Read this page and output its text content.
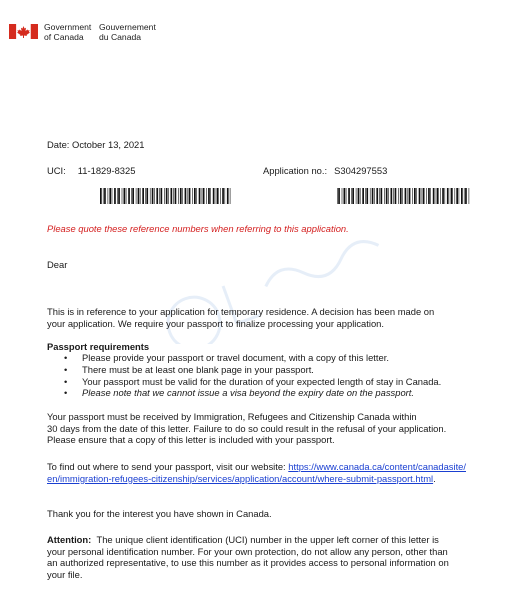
Government
of Canada
Gouvernement
du Canada
Date: October 13, 2021
UCI: 11-1829-8325	Application no.: S304297553
Please quote these reference numbers when referring to this application.
Dear
This is in reference to your application for temporary residence. A decision has been made on
your application. We require your passport to finalize processing your application.
Passport requirements
• Please provide your passport or travel document, with a copy of this letter.
• There must be at least one blank page in your passport.
• Your passport must be valid for the duration of your expected length of stay in Canada.
• Please note that we cannot issue a visa beyond the expiry date on the passport.
Your passport must be received by Immigration, Refugees and Citizenship Canada within
30 days from the date of this letter. Failure to do so could result in the refusal of your application.
Please ensure that a copy of this letter is included with your passport.
To find out where to send your passport, visit our website: https://www.canada.ca/content/canadasite/
en/immigration-refugees-citizenship/services/application/account/where-submit-passport.html.
Thank you for the interest you have shown in Canada.
Attention: The unique client identification (UCI) number in the upper left corner of this letter is
your personal identification number. For your own protection, do not allow any person, other than
an authorized representative, to use this number as it provides access to personal information on
your file.
